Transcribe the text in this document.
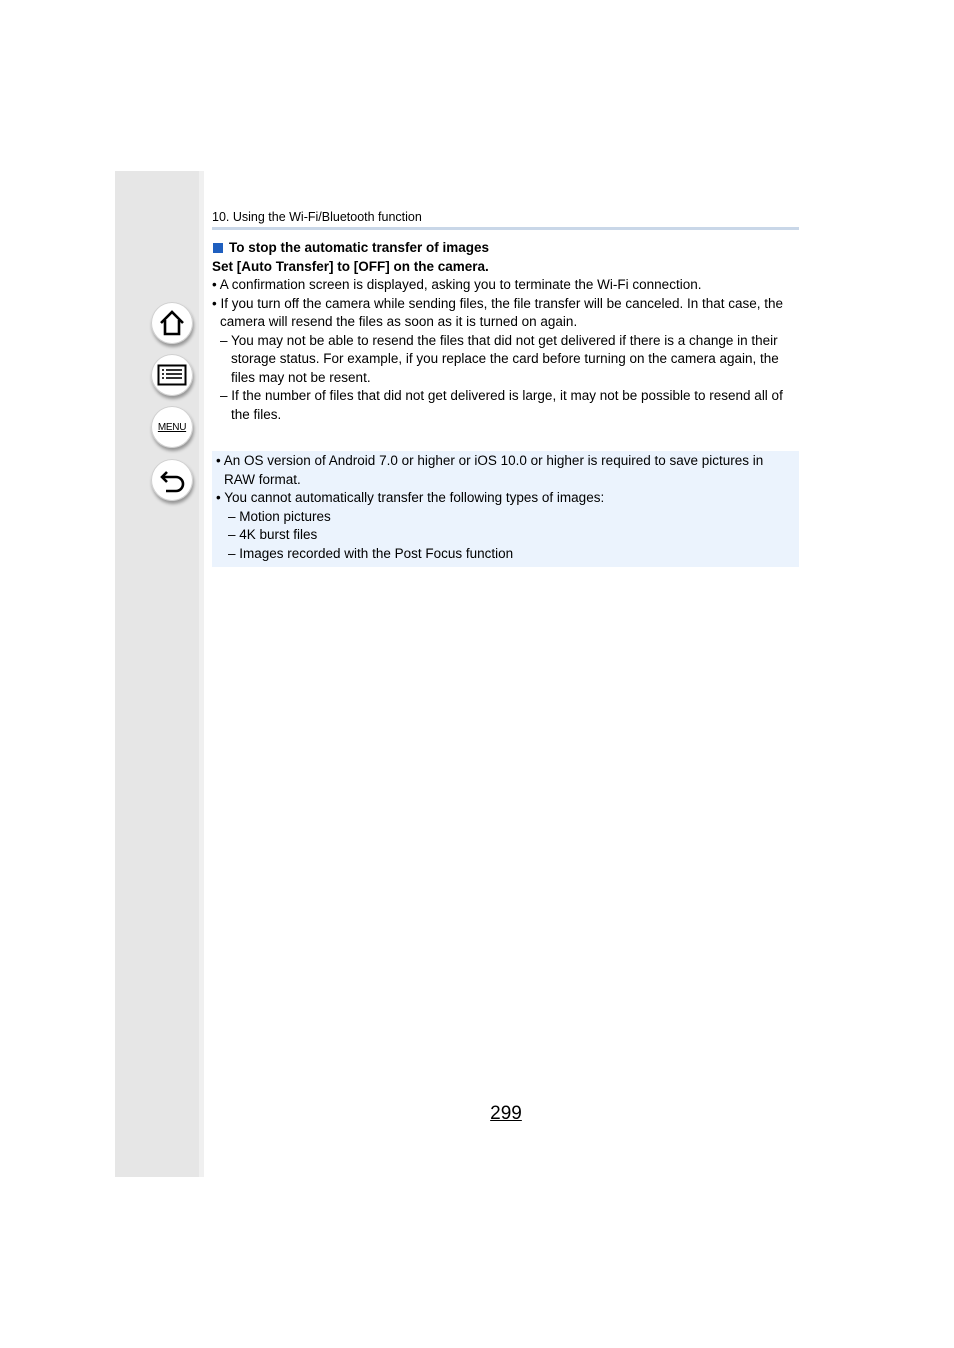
MENU
10. Using the Wi-Fi/Bluetooth function
To stop the automatic transfer of images
Set [Auto Transfer] to [OFF] on the camera.
• A confirmation screen is displayed, asking you to terminate the Wi-Fi connection.
• If you turn off the camera while sending files, the file transfer will be canceled. In that case, the camera will resend the files as soon as it is turned on again.
– You may not be able to resend the files that did not get delivered if there is a change in their storage status. For example, if you replace the card before turning on the camera again, the files may not be resent.
– If the number of files that did not get delivered is large, it may not be possible to resend all of the files.
• An OS version of Android 7.0 or higher or iOS 10.0 or higher is required to save pictures in RAW format.
• You cannot automatically transfer the following types of images:
– Motion pictures
– 4K burst files
– Images recorded with the Post Focus function
299
